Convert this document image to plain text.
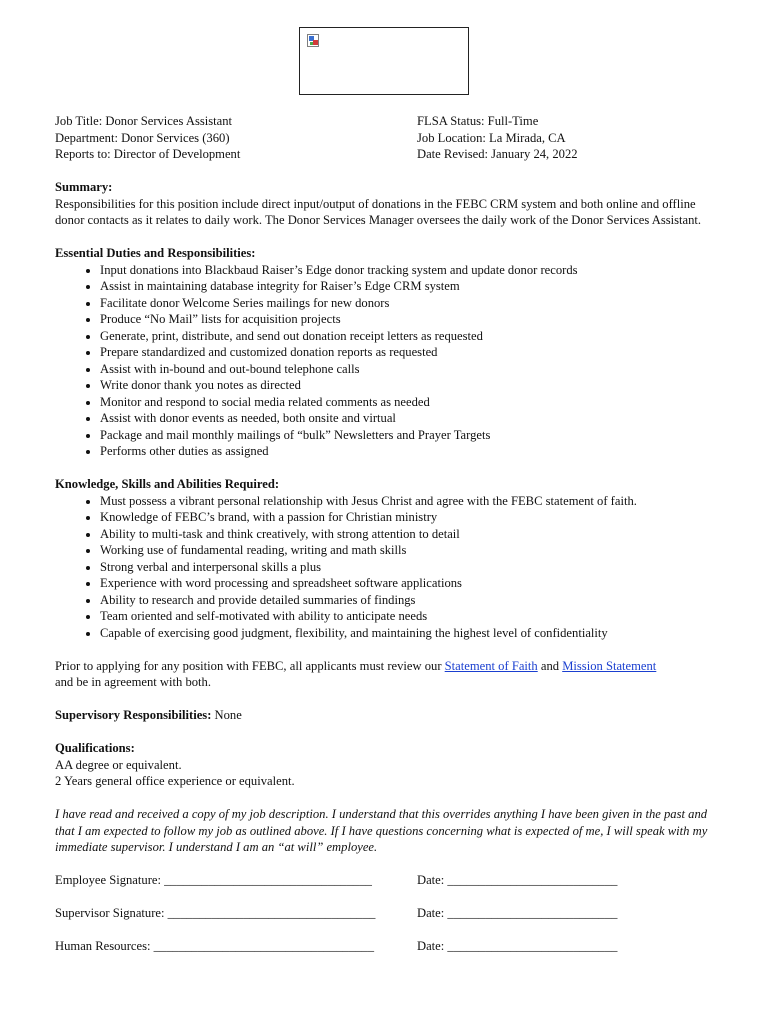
Job Title: Donor Services Assistant
Department: Donor Services (360)
Reports to: Director of Development
FLSA Status: Full-Time
Job Location: La Mirada, CA
Date Revised: January 24, 2022
Summary:

Responsibilities for this position include direct input/output of donations in the FEBC CRM system and both online and offline donor contacts as it relates to daily work. The Donor Services Manager oversees the daily work of the Donor Services Assistant.

Essential Duties and Responsibilities:
• Input donations into Blackbaud Raiser’s Edge donor tracking system and update donor records
• Assist in maintaining database integrity for Raiser’s Edge CRM system
• Facilitate donor Welcome Series mailings for new donors
• Produce “No Mail” lists for acquisition projects
• Generate, print, distribute, and send out donation receipt letters as requested
• Prepare standardized and customized donation reports as requested
• Assist with in-bound and out-bound telephone calls
• Write donor thank you notes as directed
• Monitor and respond to social media related comments as needed
• Assist with donor events as needed, both onsite and virtual
• Package and mail monthly mailings of “bulk” Newsletters and Prayer Targets
• Performs other duties as assigned
Knowledge, Skills and Abilities Required:
• Must possess a vibrant personal relationship with Jesus Christ and agree with the FEBC statement of faith.
• Knowledge of FEBC’s brand, with a passion for Christian ministry
• Ability to multi-task and think creatively, with strong attention to detail
• Working use of fundamental reading, writing and math skills
• Strong verbal and interpersonal skills a plus
• Experience with word processing and spreadsheet software applications
• Ability to research and provide detailed summaries of findings
• Team oriented and self-motivated with ability to anticipate needs
• Capable of exercising good judgment, flexibility, and maintaining the highest level of confidentiality
Prior to applying for any position with FEBC, all applicants must review our Statement of Faith and Mission Statement
and be in agreement with both.
Supervisory Responsibilities: None
Qualifications:
AA degree or equivalent.
2 Years general office experience or equivalent.

I have read and received a copy of my job description. I understand that this overrides anything I have been given in the past and that I am expected to follow my job as outlined above. If I have questions concerning what is expected of me, I will speak with my immediate supervisor. I understand I am an “at will” employee.

Employee Signature: _________________________________	Date: ___________________________
Supervisor Signature: _________________________________	Date: ___________________________
Human Resources: ___________________________________	Date: ___________________________
